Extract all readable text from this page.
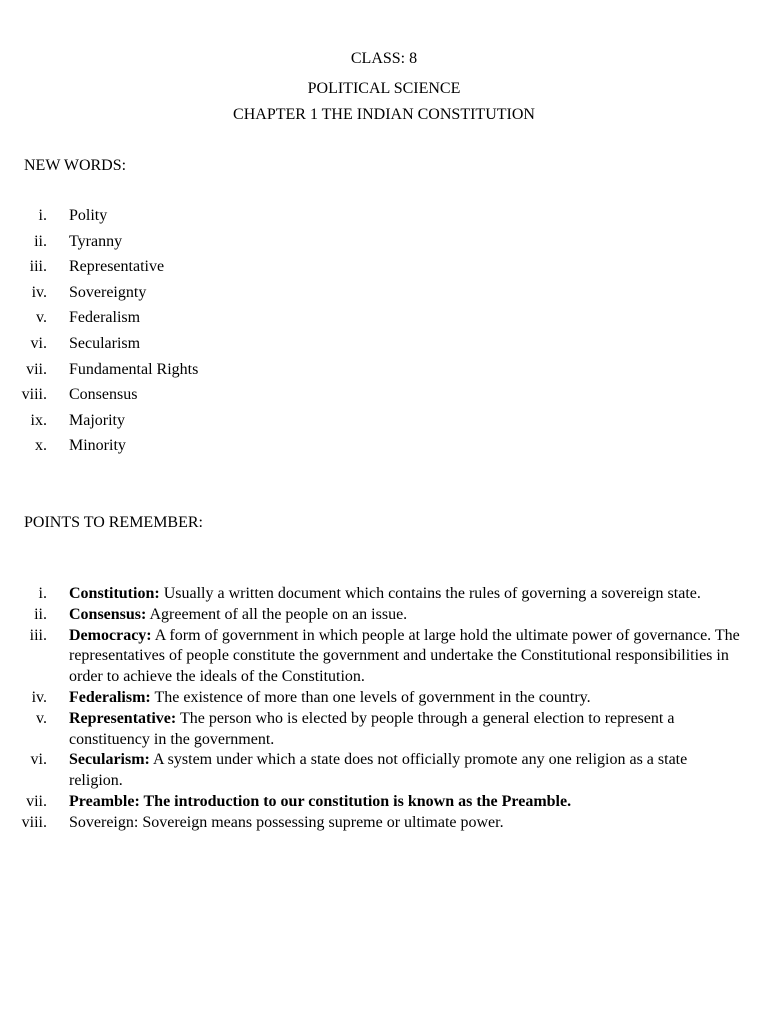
CLASS: 8
POLITICAL SCIENCE
CHAPTER 1 THE INDIAN CONSTITUTION
NEW WORDS:
i. Polity
ii. Tyranny
iii. Representative
iv. Sovereignty
v. Federalism
vi. Secularism
vii. Fundamental Rights
viii. Consensus
ix. Majority
x. Minority
POINTS TO REMEMBER:
i. Constitution: Usually a written document which contains the rules of governing a sovereign state.
ii. Consensus: Agreement of all the people on an issue.
iii. Democracy: A form of government in which people at large hold the ultimate power of governance. The representatives of people constitute the government and undertake the Constitutional responsibilities in order to achieve the ideals of the Constitution.
iv. Federalism: The existence of more than one levels of government in the country.
v. Representative: The person who is elected by people through a general election to represent a constituency in the government.
vi. Secularism: A system under which a state does not officially promote any one religion as a state religion.
vii. Preamble: The introduction to our constitution is known as the Preamble.
viii. Sovereign: Sovereign means possessing supreme or ultimate power.
